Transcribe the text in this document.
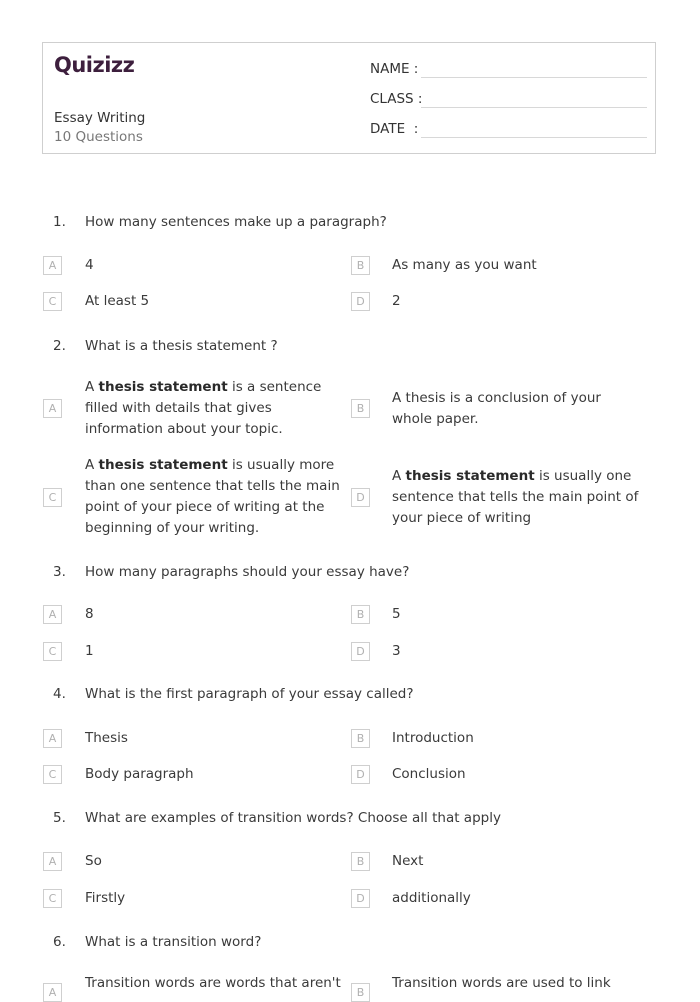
Quizizz
Essay Writing
10 Questions
NAME :
CLASS :
DATE  :
1.	How many sentences make up a paragraph?
A	4	B	As many as you want
C	At least 5	D	2
2.	What is a thesis statement ?
A
A thesis statement is a sentence filled with details that gives information about your topic.
B
A thesis is a conclusion of your whole paper.
C
A thesis statement is usually more than one sentence that tells the main point of your piece of writing at the beginning of your writing.
D
A thesis statement is usually one sentence that tells the main point of your piece of writing
3.	How many paragraphs should your essay have?
A	8	B	5
C	1	D	3
4.	What is the first paragraph of your essay called?
A	Thesis	B	Introduction
C	Body paragraph	D	Conclusion
5.	What are examples of transition words? Choose all that apply
A	So	B	Next
C	Firstly	D	additionally
6.	What is a transition word?
A
Transition words are words that aren't
B
Transition words are used to link
